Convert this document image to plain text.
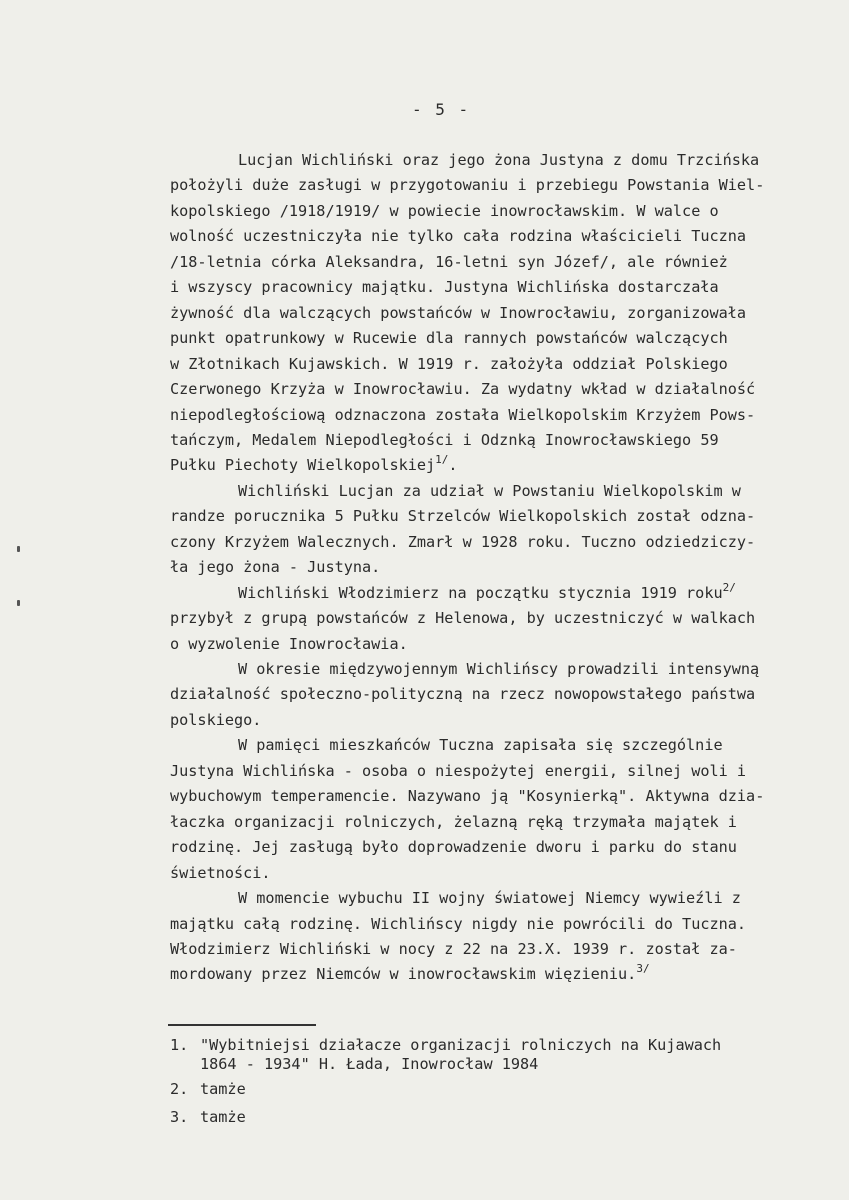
- 5 -
Lucjan Wichliński oraz jego żona Justyna z domu Trzcińska
położyli duże zasługi w przygotowaniu i przebiegu Powstania Wiel-
kopolskiego /1918/1919/ w powiecie inowrocławskim. W walce o
wolność uczestniczyła nie tylko cała rodzina właścicieli Tuczna
/18-letnia córka Aleksandra, 16-letni syn Józef/, ale również
i wszyscy pracownicy majątku. Justyna Wichlińska dostarczała
żywność dla walczących powstańców w Inowrocławiu, zorganizowała
punkt opatrunkowy w Rucewie dla rannych powstańców walczących
w Złotnikach Kujawskich. W 1919 r. założyła oddział Polskiego
Czerwonego Krzyża w Inowrocławiu. Za wydatny wkład w działalność
niepodległościową odznaczona została Wielkopolskim Krzyżem Pows-
tańczym, Medalem Niepodległości i Odznką Inowrocławskiego 59
Pułku Piechoty Wielkopolskiej$^{1/}$.
Wichliński Lucjan za udział w Powstaniu Wielkopolskim w
randze porucznika 5 Pułku Strzelców Wielkopolskich został odzna-
czony Krzyżem Walecznych. Zmarł w 1928 roku. Tuczno odziedziczy-
ła jego żona - Justyna.
Wichliński Włodzimierz na początku stycznia 1919 roku$^{2/}$
przybył z grupą powstańców z Helenowa, by uczestniczyć w walkach
o wyzwolenie Inowrocławia.
W okresie międzywojennym Wichlińscy prowadzili intensywną
działalność społeczno-polityczną na rzecz nowopowstałego państwa
polskiego.
W pamięci mieszkańców Tuczna zapisała się szczególnie
Justyna Wichlińska - osoba o niespożytej energii, silnej woli i
wybuchowym temperamencie. Nazywano ją "Kosynierką". Aktywna dzia-
łaczka organizacji rolniczych, żelazną ręką trzymała majątek i
rodzinę. Jej zasługą było doprowadzenie dworu i parku do stanu
świetności.
W momencie wybuchu II wojny światowej Niemcy wywieźli z
majątku całą rodzinę. Wichlińscy nigdy nie powrócili do Tuczna.
Włodzimierz Wichliński w nocy z 22 na 23.X. 1939 r. został za-
mordowany przez Niemców w inowrocławskim więzieniu.$^{3/}$
1. "Wybitniejsi działacze organizacji rolniczych na Kujawach
1864 - 1934" H. Łada, Inowrocław 1984
2. tamże
3. tamże
